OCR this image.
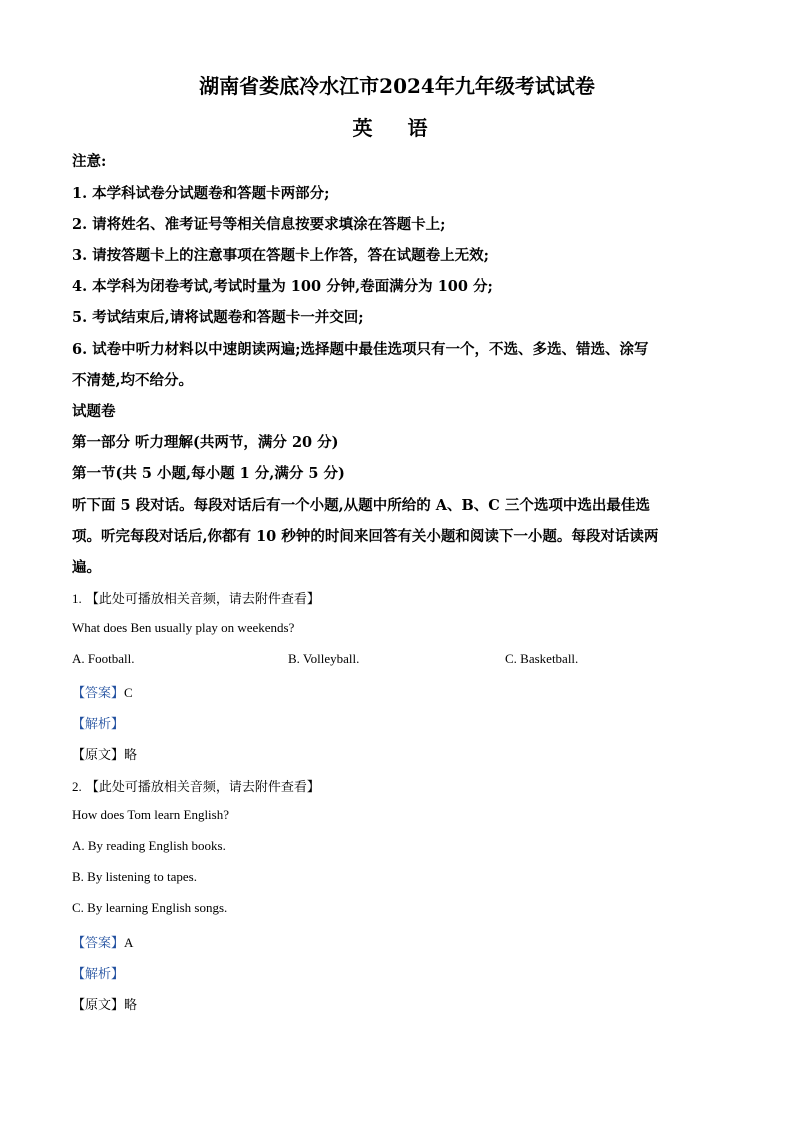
湖南省娄底冷水江市2024年九年级考试试卷
英 语
注意:
1. 本学科试卷分试题卷和答题卡两部分;
2. 请将姓名、准考证号等相关信息按要求填涂在答题卡上;
3. 请按答题卡上的注意事项在答题卡上作答，答在试题卷上无效;
4. 本学科为闭卷考试,考试时量为 100 分钟,卷面满分为 100 分;
5. 考试结束后,请将试题卷和答题卡一并交回;
6. 试卷中听力材料以中速朗读两遍;选择题中最佳选项只有一个，不选、多选、错选、涂写
不清楚,均不给分。
试题卷
第一部分 听力理解(共两节，满分 20 分)
第一节(共 5 小题,每小题 1 分,满分 5 分)
听下面 5 段对话。每段对话后有一个小题,从题中所给的 A、B、C 三个选项中选出最佳选
项。听完每段对话后,你都有 10 秒钟的时间来回答有关小题和阅读下一小题。每段对话读两
遍。
1. 【此处可播放相关音频，请去附件查看】
What does Ben usually play on weekends?
A. Football.	B. Volleyball.	C. Basketball.
【答案】C
【解析】
【原文】略
2. 【此处可播放相关音频，请去附件查看】
How does Tom learn English?
A. By reading English books.
B. By listening to tapes.
C. By learning English songs.
【答案】A
【解析】
【原文】略
